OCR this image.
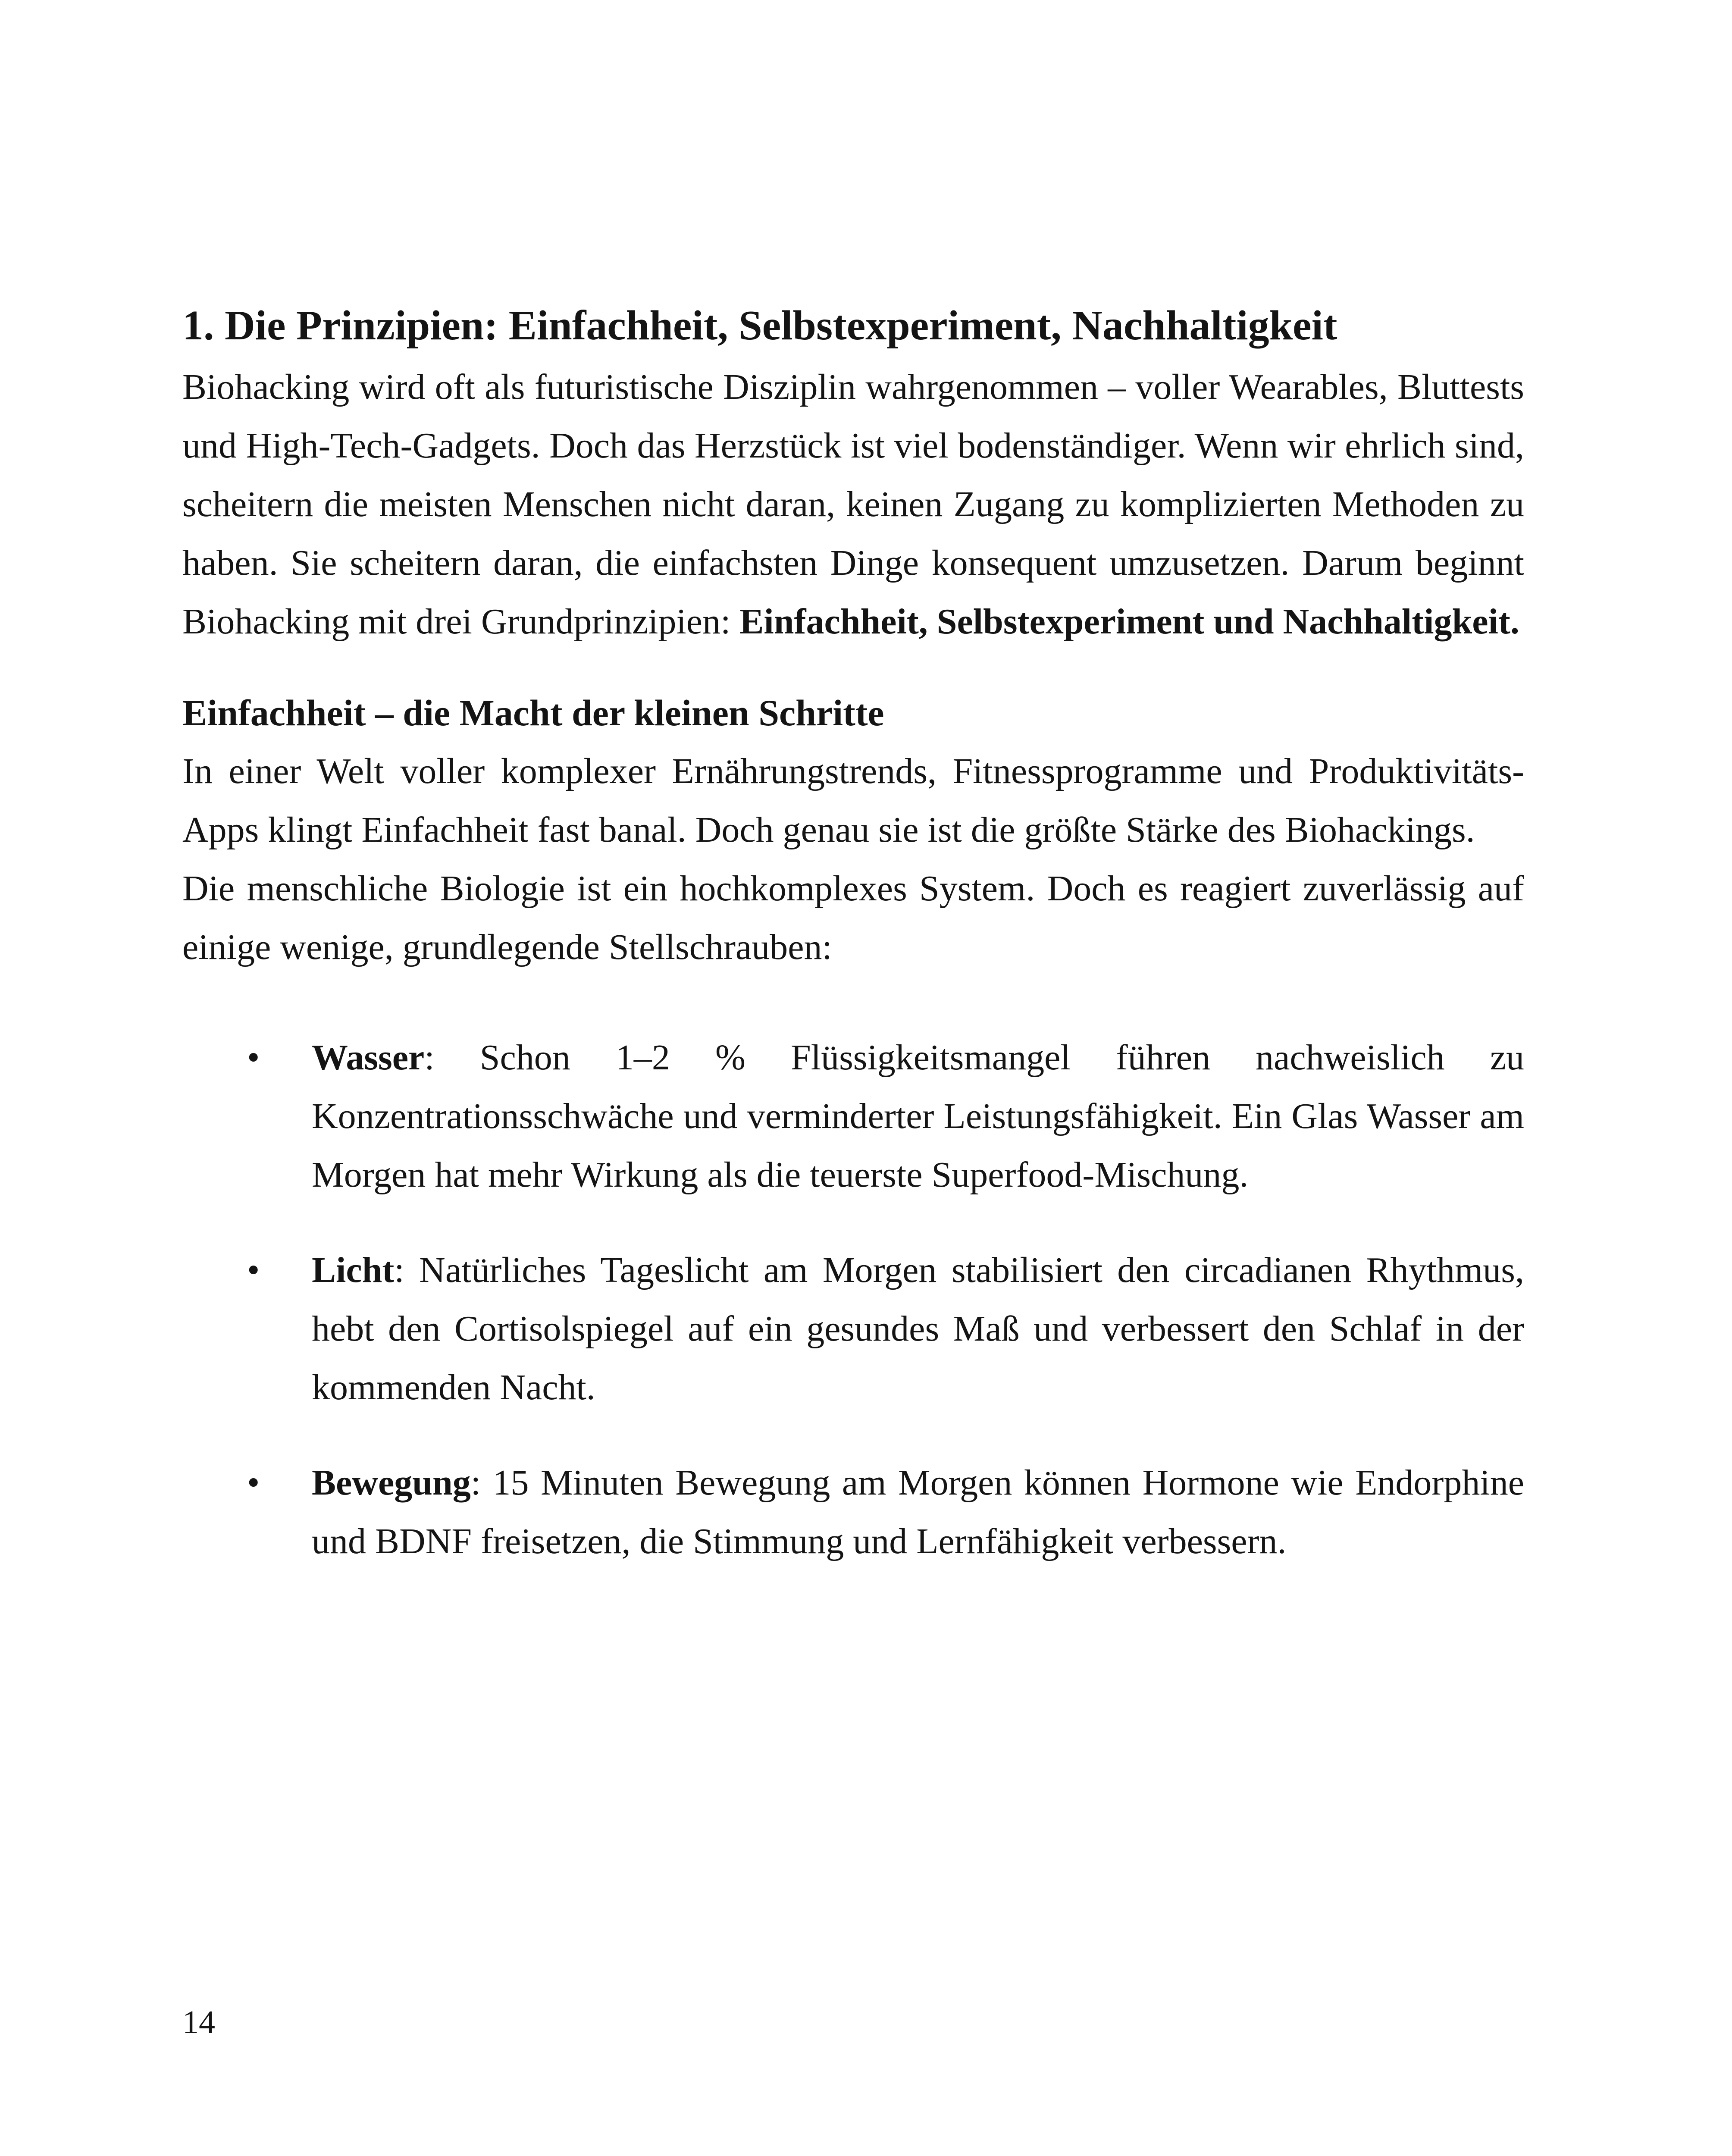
1. Die Prinzipien: Einfachheit, Selbstexperiment, Nachhaltigkeit

Biohacking wird oft als futuristische Disziplin wahrgenommen – voller Wearables, Bluttests und High-Tech-Gadgets. Doch das Herzstück ist viel bodenständiger. Wenn wir ehrlich sind, scheitern die meisten Menschen nicht daran, keinen Zugang zu komplizierten Methoden zu haben. Sie scheitern daran, die einfachsten Dinge konsequent umzusetzen. Darum beginnt Biohacking mit drei Grundprinzipien: Einfachheit, Selbstexperiment und Nachhaltigkeit.

Einfachheit – die Macht der kleinen Schritte

In einer Welt voller komplexer Ernährungstrends, Fitnessprogramme und Produktivitäts-Apps klingt Einfachheit fast banal. Doch genau sie ist die größte Stärke des Biohackings.

Die menschliche Biologie ist ein hochkomplexes System. Doch es reagiert zuverlässig auf einige wenige, grundlegende Stellschrauben:

• Wasser: Schon 1–2 % Flüssigkeitsmangel führen nachweislich zu Konzentrationsschwäche und verminderter Leistungsfähigkeit. Ein Glas Wasser am Morgen hat mehr Wirkung als die teuerste Superfood-Mischung.

• Licht: Natürliches Tageslicht am Morgen stabilisiert den circadianen Rhythmus, hebt den Cortisolspiegel auf ein gesundes Maß und verbessert den Schlaf in der kommenden Nacht.

• Bewegung: 15 Minuten Bewegung am Morgen können Hormone wie Endorphine und BDNF freisetzen, die Stimmung und Lernfähigkeit verbessern.

14
